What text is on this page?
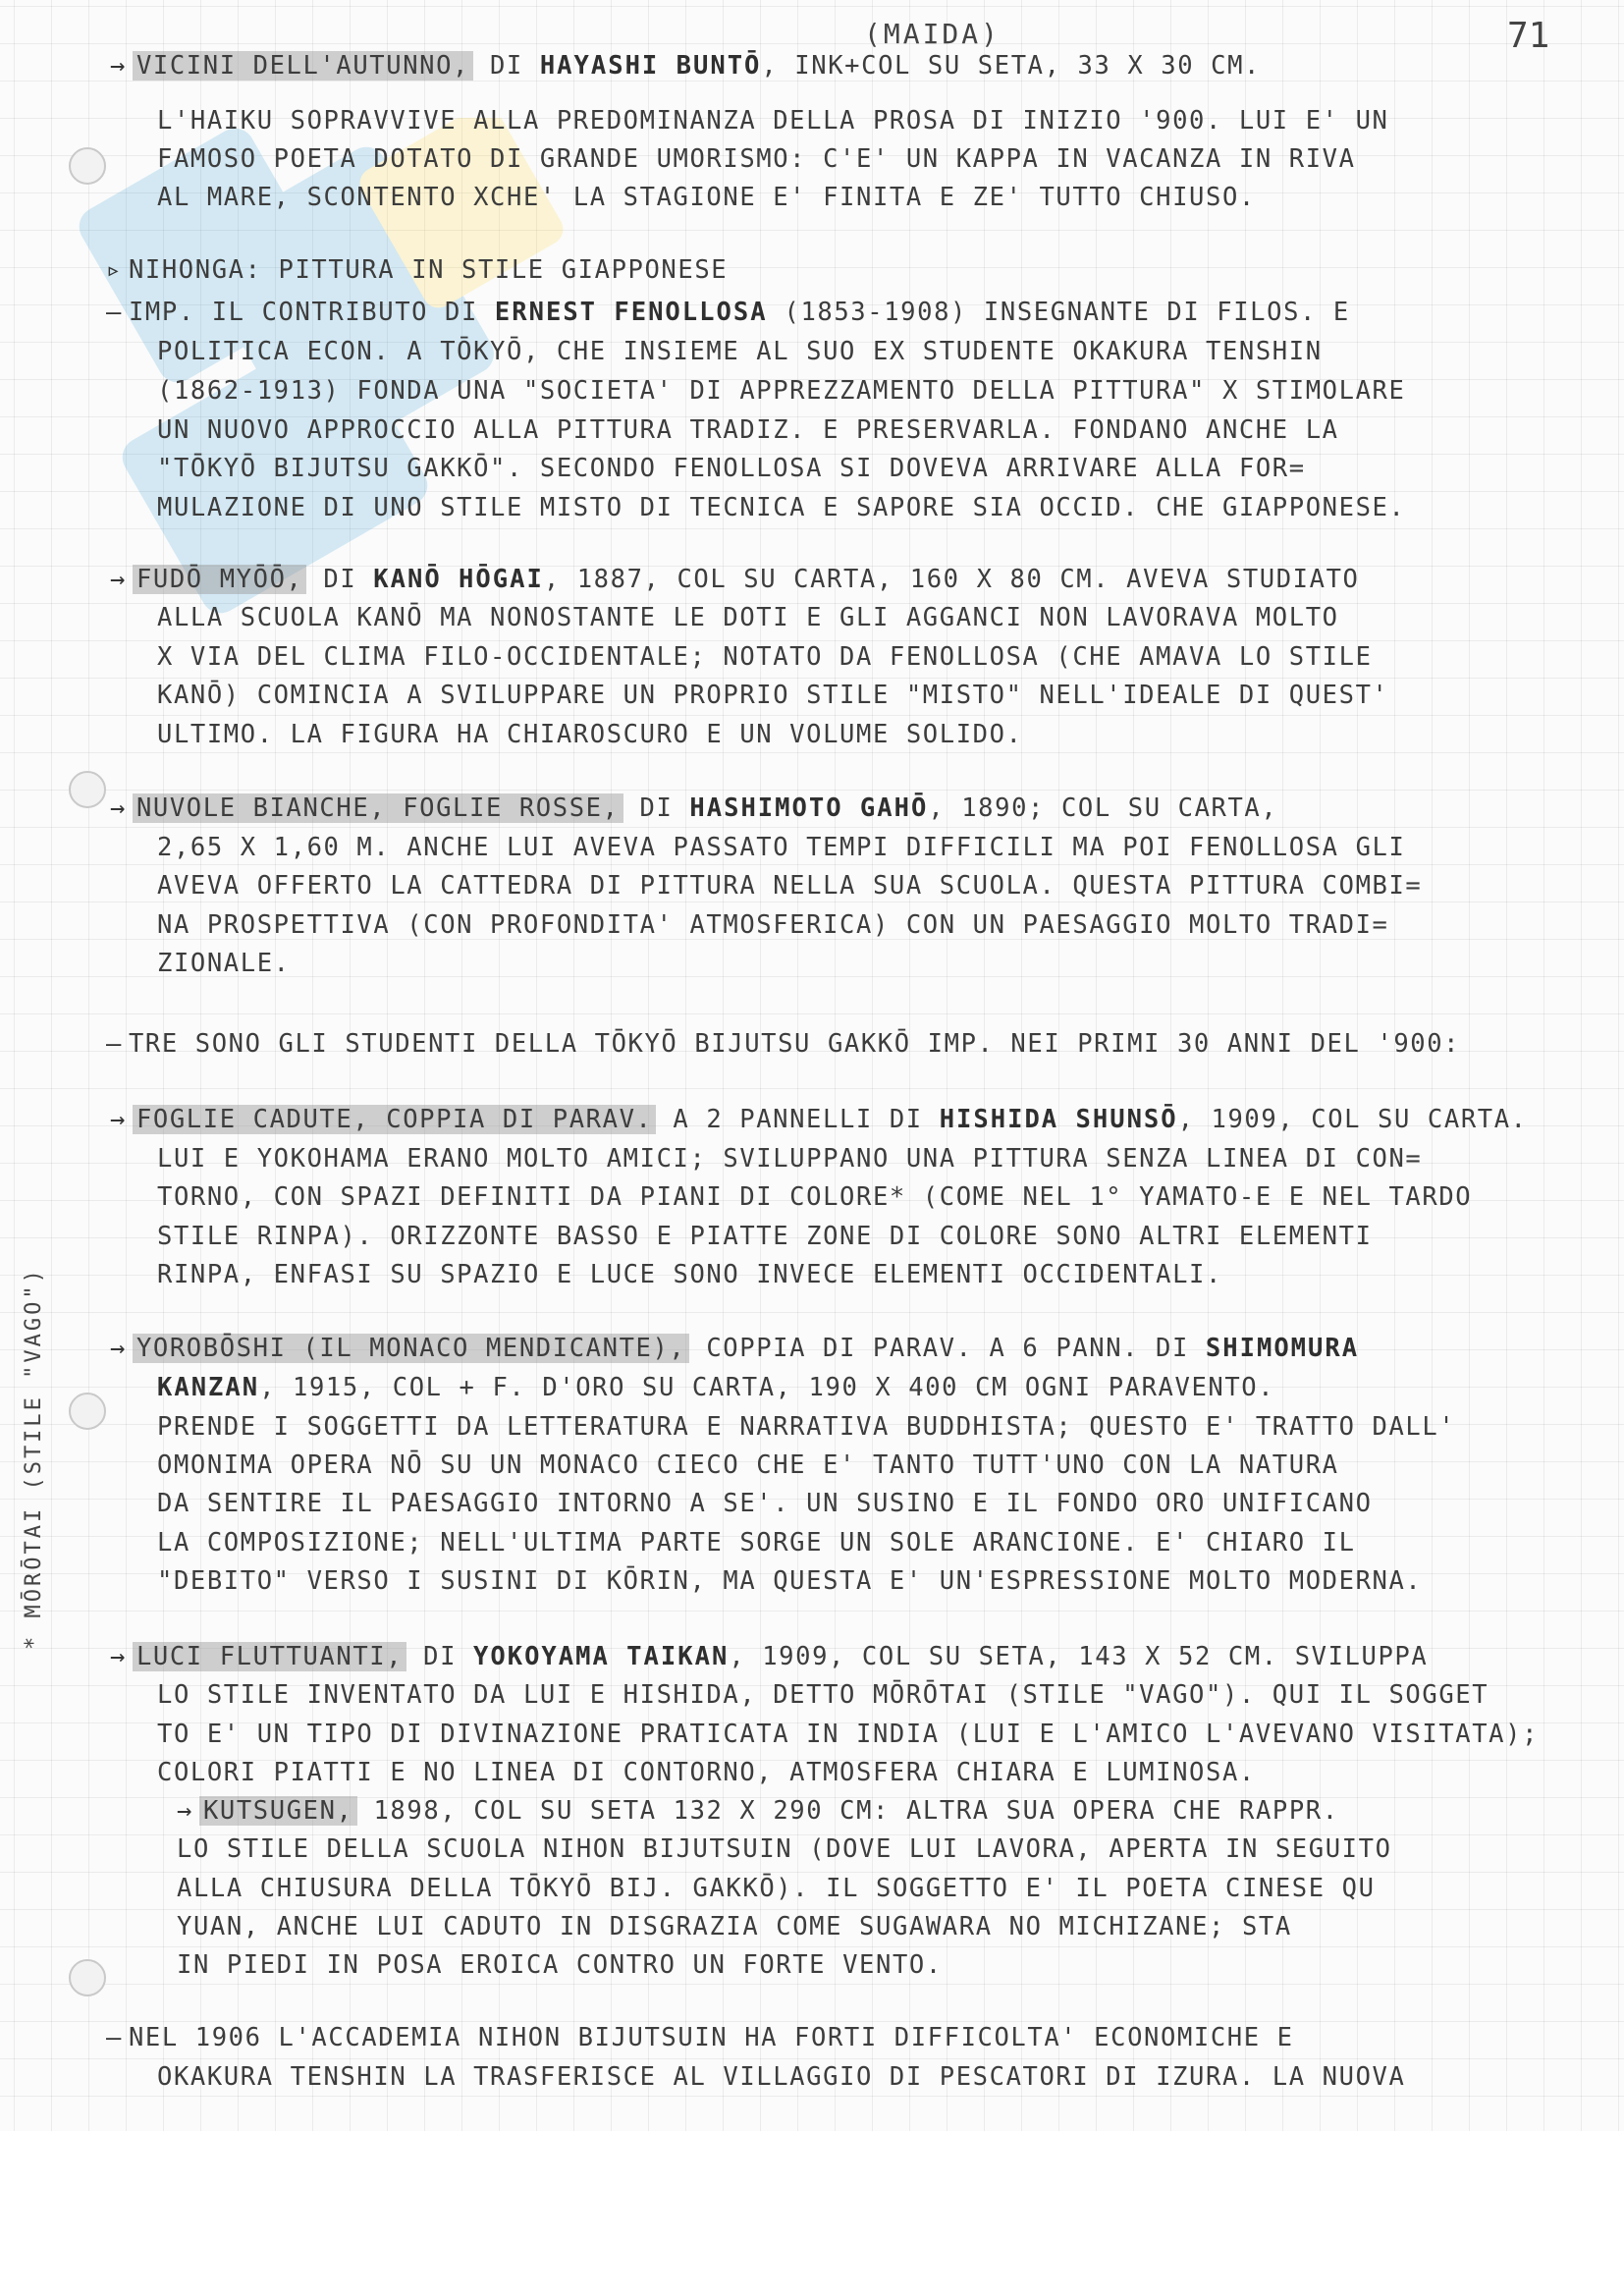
(MAIDA)	71
* MŌRŌTAI (STILE "VAGO")
→ VICINI DELL'AUTUNNO, DI HAYASHI BUNTŌ, INK+COL SU SETA, 33 X 30 CM.
L'HAIKU SOPRAVVIVE ALLA PREDOMINANZA DELLA PROSA DI INIZIO '900. LUI E' UN
FAMOSO POETA DOTATO DI GRANDE UMORISMO: C'E' UN KAPPA IN VACANZA IN RIVA
AL MARE, SCONTENTO XCHE' LA STAGIONE E' FINITA E ZE' TUTTO CHIUSO.
▹ NIHONGA: PITTURA IN STILE GIAPPONESE
– IMP. IL CONTRIBUTO DI ERNEST FENOLLOSA (1853-1908) INSEGNANTE DI FILOS. E
POLITICA ECON. A TŌKYŌ, CHE INSIEME AL SUO EX STUDENTE OKAKURA TENSHIN
(1862-1913) FONDA UNA "SOCIETA' DI APPREZZAMENTO DELLA PITTURA" X STIMOLARE
UN NUOVO APPROCCIO ALLA PITTURA TRADIZ. E PRESERVARLA. FONDANO ANCHE LA
"TŌKYŌ BIJUTSU GAKKŌ". SECONDO FENOLLOSA SI DOVEVA ARRIVARE ALLA FOR=
MULAZIONE DI UNO STILE MISTO DI TECNICA E SAPORE SIA OCCID. CHE GIAPPONESE.
→ FUDŌ MYŌŌ, DI KANŌ HŌGAI, 1887, COL SU CARTA, 160 X 80 CM. AVEVA STUDIATO
ALLA SCUOLA KANŌ MA NONOSTANTE LE DOTI E GLI AGGANCI NON LAVORAVA MOLTO
X VIA DEL CLIMA FILO-OCCIDENTALE; NOTATO DA FENOLLOSA (CHE AMAVA LO STILE
KANŌ) COMINCIA A SVILUPPARE UN PROPRIO STILE "MISTO" NELL'IDEALE DI QUEST'
ULTIMO. LA FIGURA HA CHIAROSCURO E UN VOLUME SOLIDO.
→ NUVOLE BIANCHE, FOGLIE ROSSE, DI HASHIMOTO GAHŌ, 1890; COL SU CARTA,
2,65 X 1,60 M. ANCHE LUI AVEVA PASSATO TEMPI DIFFICILI MA POI FENOLLOSA GLI
AVEVA OFFERTO LA CATTEDRA DI PITTURA NELLA SUA SCUOLA. QUESTA PITTURA COMBI=
NA PROSPETTIVA (CON PROFONDITA' ATMOSFERICA) CON UN PAESAGGIO MOLTO TRADI=
ZIONALE.
– TRE SONO GLI STUDENTI DELLA TŌKYŌ BIJUTSU GAKKŌ IMP. NEI PRIMI 30 ANNI DEL '900:
→ FOGLIE CADUTE, COPPIA DI PARAV. A 2 PANNELLI DI HISHIDA SHUNSŌ, 1909, COL SU CARTA.
LUI E YOKOHAMA ERANO MOLTO AMICI; SVILUPPANO UNA PITTURA SENZA LINEA DI CON=
TORNO, CON SPAZI DEFINITI DA PIANI DI COLORE* (COME NEL 1° YAMATO-E E NEL TARDO
STILE RINPA). ORIZZONTE BASSO E PIATTE ZONE DI COLORE SONO ALTRI ELEMENTI
RINPA, ENFASI SU SPAZIO E LUCE SONO INVECE ELEMENTI OCCIDENTALI.
→ YOROBŌSHI (IL MONACO MENDICANTE), COPPIA DI PARAV. A 6 PANN. DI SHIMOMURA
KANZAN, 1915, COL + F. D'ORO SU CARTA, 190 X 400 CM OGNI PARAVENTO.
PRENDE I SOGGETTI DA LETTERATURA E NARRATIVA BUDDHISTA; QUESTO E' TRATTO DALL'
OMONIMA OPERA NŌ SU UN MONACO CIECO CHE E' TANTO TUTT'UNO CON LA NATURA
DA SENTIRE IL PAESAGGIO INTORNO A SE'. UN SUSINO E IL FONDO ORO UNIFICANO
LA COMPOSIZIONE; NELL'ULTIMA PARTE SORGE UN SOLE ARANCIONE. E' CHIARO IL
"DEBITO" VERSO I SUSINI DI KŌRIN, MA QUESTA E' UN'ESPRESSIONE MOLTO MODERNA.
→ LUCI FLUTTUANTI, DI YOKOYAMA TAIKAN, 1909, COL SU SETA, 143 X 52 CM. SVILUPPA
LO STILE INVENTATO DA LUI E HISHIDA, DETTO MŌRŌTAI (STILE "VAGO"). QUI IL SOGGET
TO E' UN TIPO DI DIVINAZIONE PRATICATA IN INDIA (LUI E L'AMICO L'AVEVANO VISITATA);
COLORI PIATTI E NO LINEA DI CONTORNO, ATMOSFERA CHIARA E LUMINOSA.
→ KUTSUGEN, 1898, COL SU SETA 132 X 290 CM: ALTRA SUA OPERA CHE RAPPR.
LO STILE DELLA SCUOLA NIHON BIJUTSUIN (DOVE LUI LAVORA, APERTA IN SEGUITO
ALLA CHIUSURA DELLA TŌKYŌ BIJ. GAKKŌ). IL SOGGETTO E' IL POETA CINESE QU
YUAN, ANCHE LUI CADUTO IN DISGRAZIA COME SUGAWARA NO MICHIZANE; STA
IN PIEDI IN POSA EROICA CONTRO UN FORTE VENTO.
– NEL 1906 L'ACCADEMIA NIHON BIJUTSUIN HA FORTI DIFFICOLTA' ECONOMICHE E
OKAKURA TENSHIN LA TRASFERISCE AL VILLAGGIO DI PESCATORI DI IZURA. LA NUOVA
